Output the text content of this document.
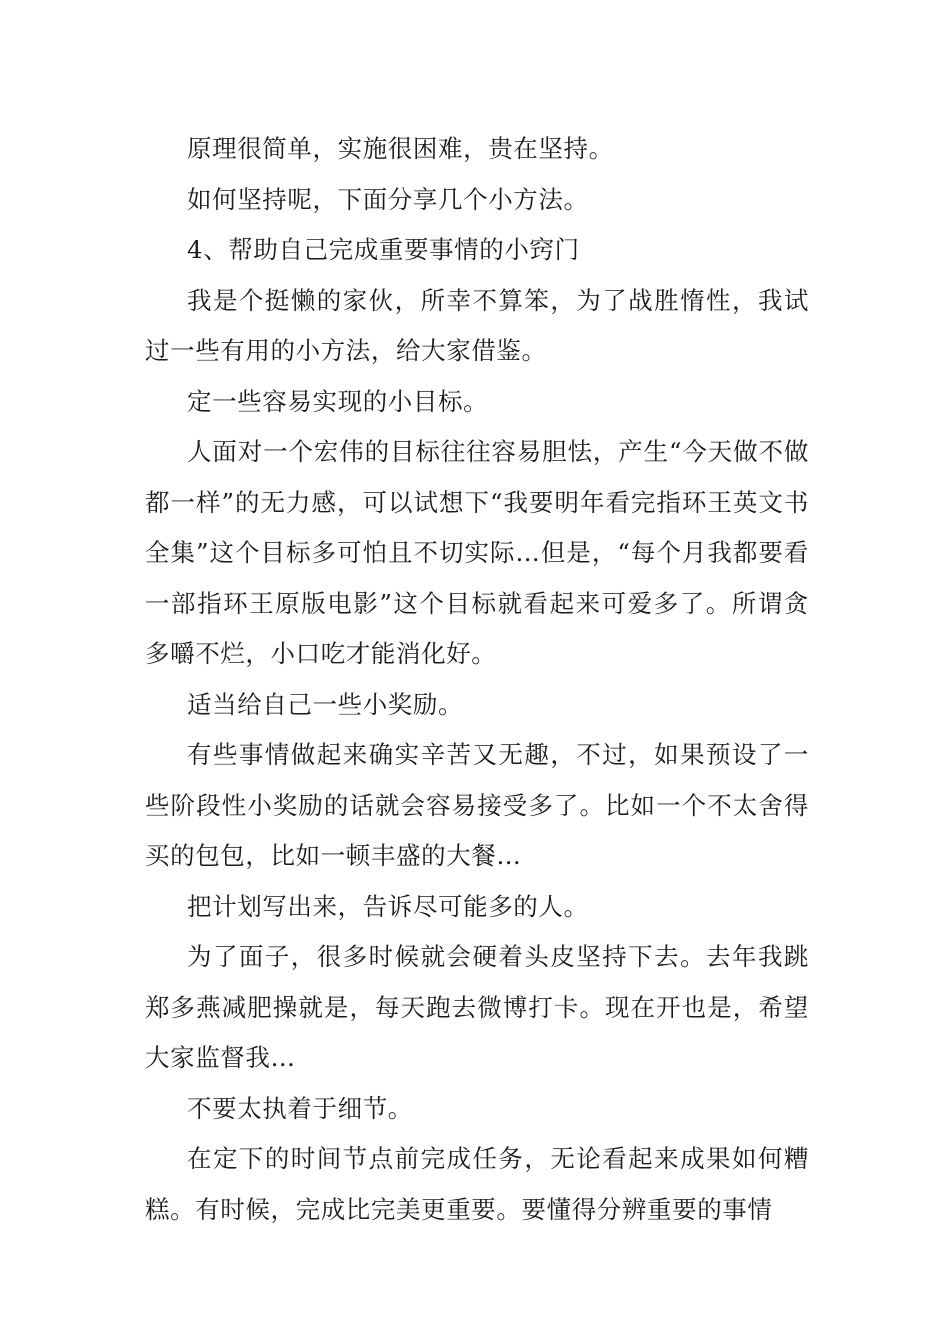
原理很简单，实施很困难，贵在坚持。

如何坚持呢，下面分享几个小方法。

4、帮助自己完成重要事情的小窍门

我是个挺懒的家伙，所幸不算笨，为了战胜惰性，我试过一些有用的小方法，给大家借鉴。

定一些容易实现的小目标。

人面对一个宏伟的目标往往容易胆怯，产生“今天做不做都一样”的无力感，可以试想下“我要明年看完指环王英文书全集”这个目标多可怕且不切实际…但是，“每个月我都要看一部指环王原版电影”这个目标就看起来可爱多了。所谓贪多嚼不烂，小口吃才能消化好。

适当给自己一些小奖励。

有些事情做起来确实辛苦又无趣，不过，如果预设了一些阶段性小奖励的话就会容易接受多了。比如一个不太舍得买的包包，比如一顿丰盛的大餐…

把计划写出来，告诉尽可能多的人。

为了面子，很多时候就会硬着头皮坚持下去。去年我跳郑多燕减肥操就是，每天跑去微博打卡。现在开也是，希望大家监督我…

不要太执着于细节。

在定下的时间节点前完成任务，无论看起来成果如何糟糕。有时候，完成比完美更重要。要懂得分辨重要的事情
